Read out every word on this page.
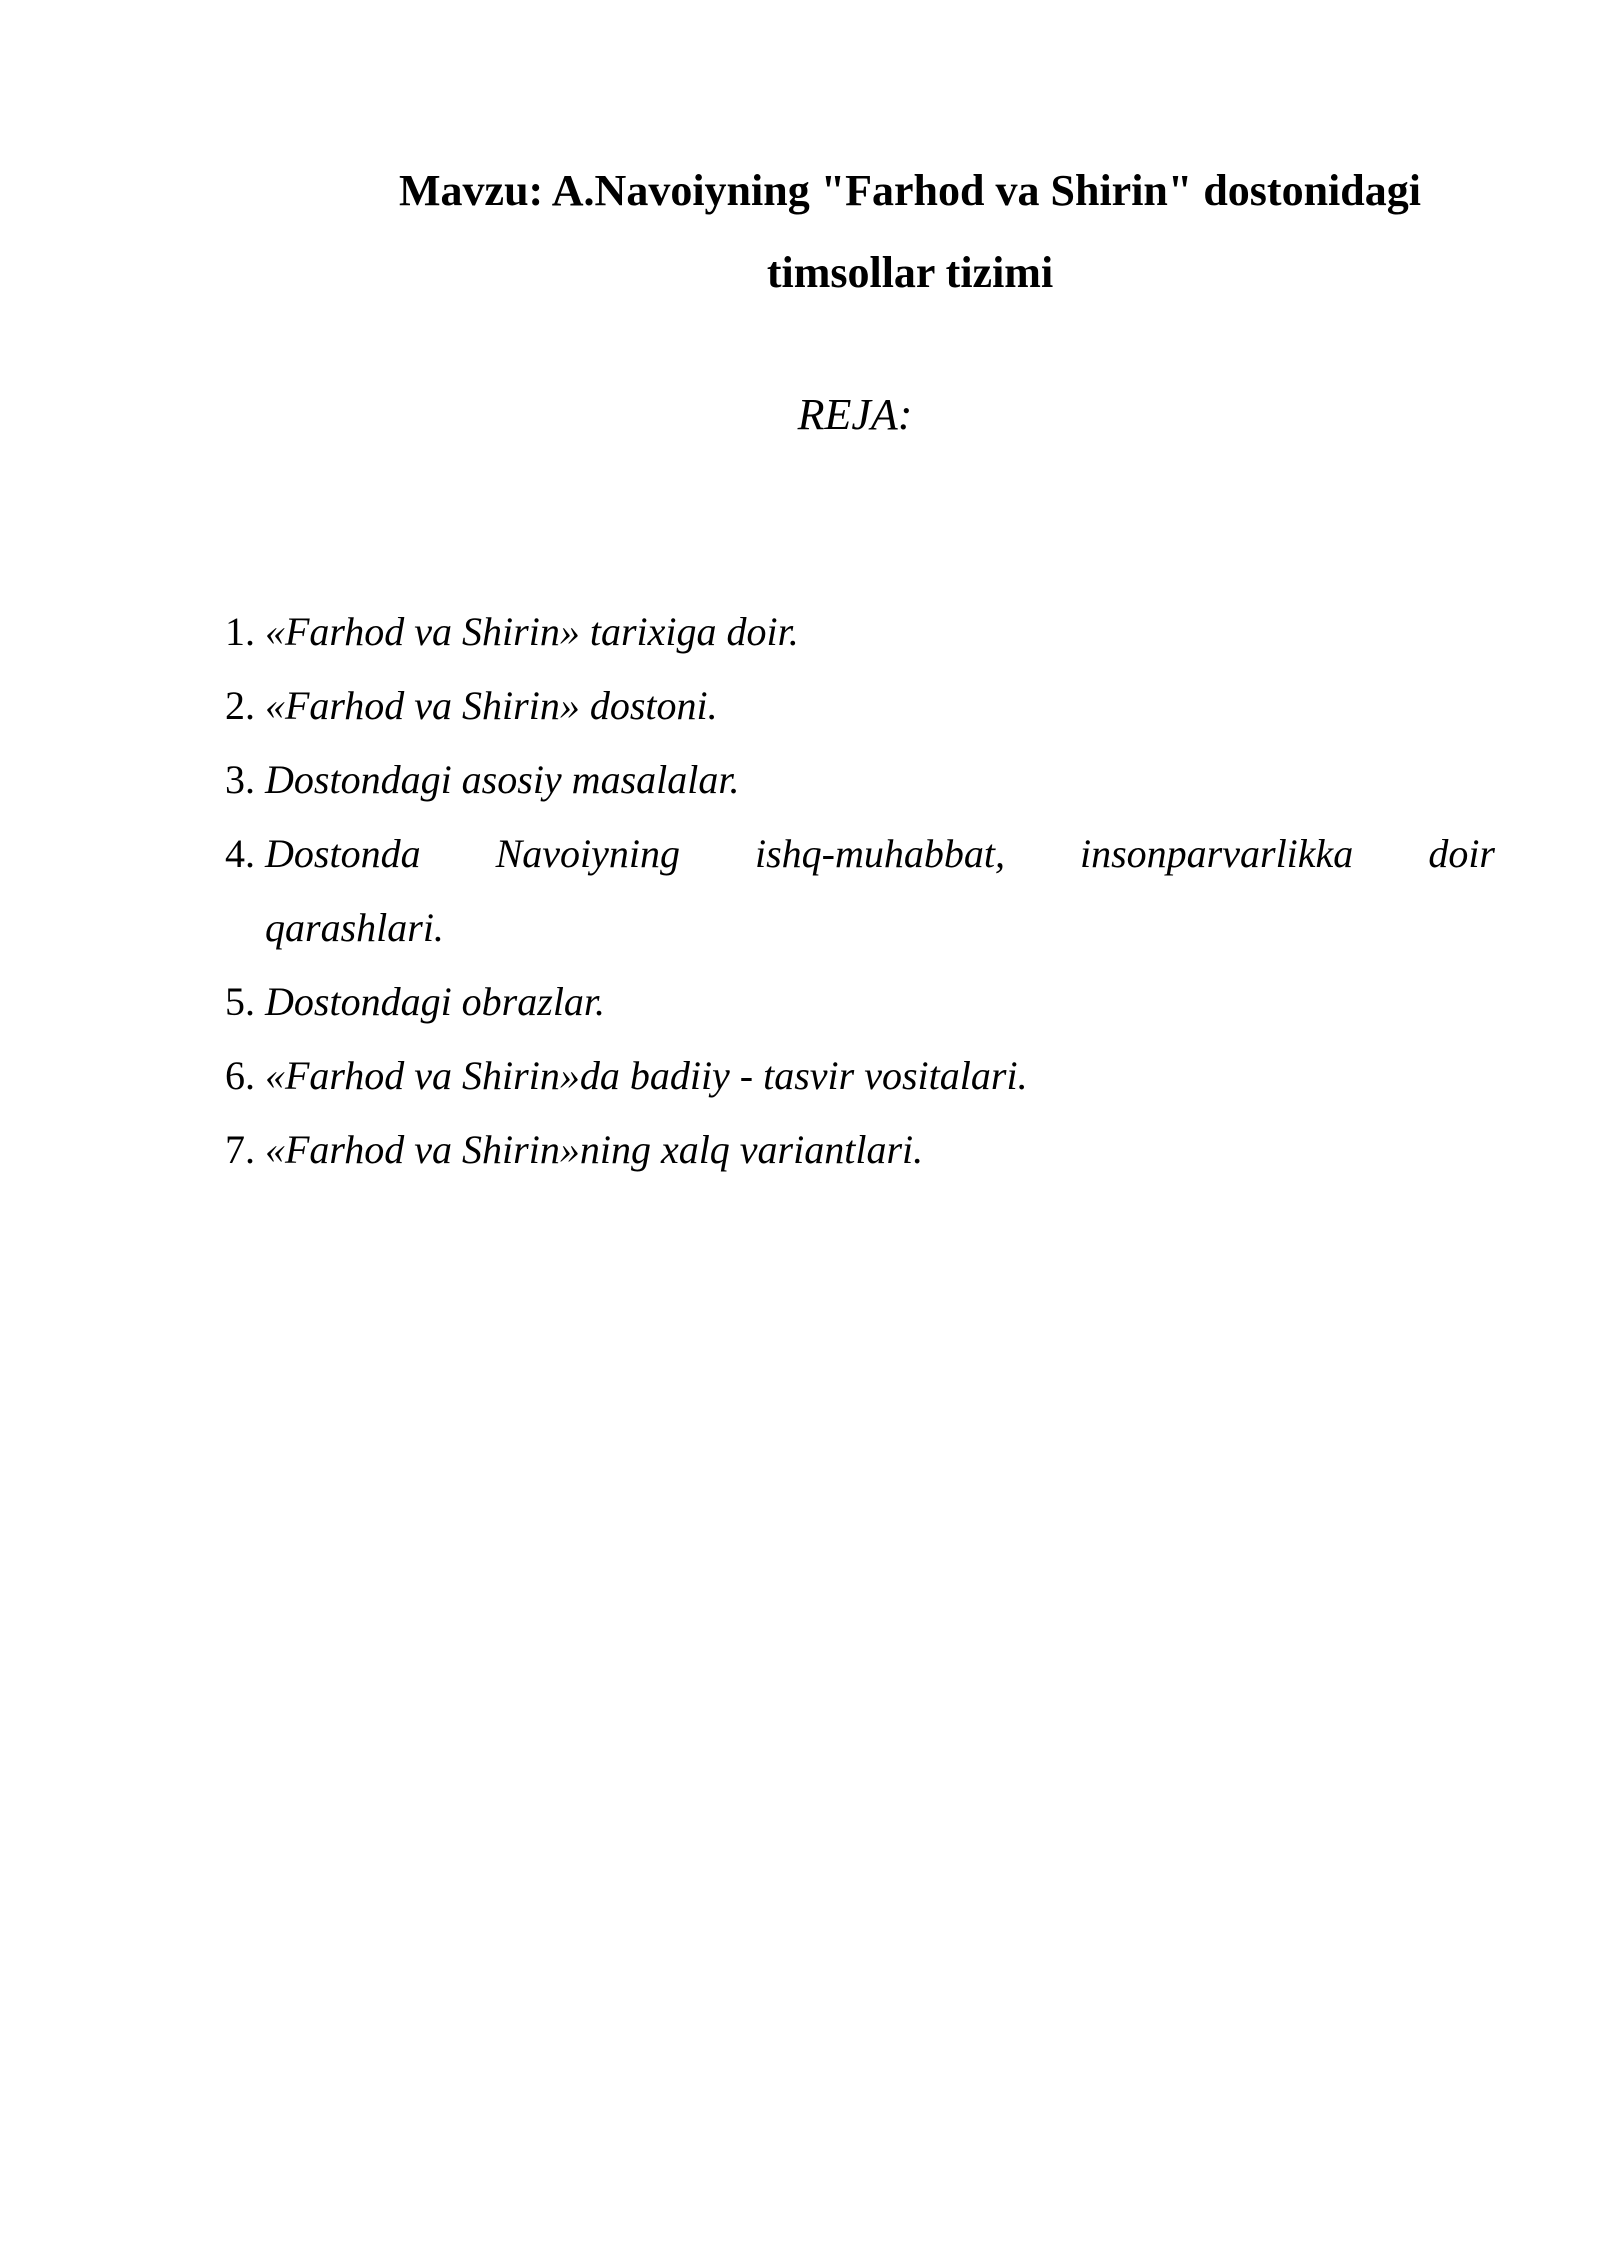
Mavzu: A.Navoiyning "Farhod va Shirin" dostonidagi
timsollar tizimi
REJA:
1. «Farhod va Shirin» tarixiga doir.
2. «Farhod va Shirin» dostoni.
3. Dostondagi asosiy masalalar.
4. Dostonda Navoiyning ishq-muhabbat, insonparvarlikka doir
qarashlari.
5. Dostondagi obrazlar.
6. «Farhod va Shirin»da badiiy - tasvir vositalari.
7. «Farhod va Shirin»ning xalq variantlari.
